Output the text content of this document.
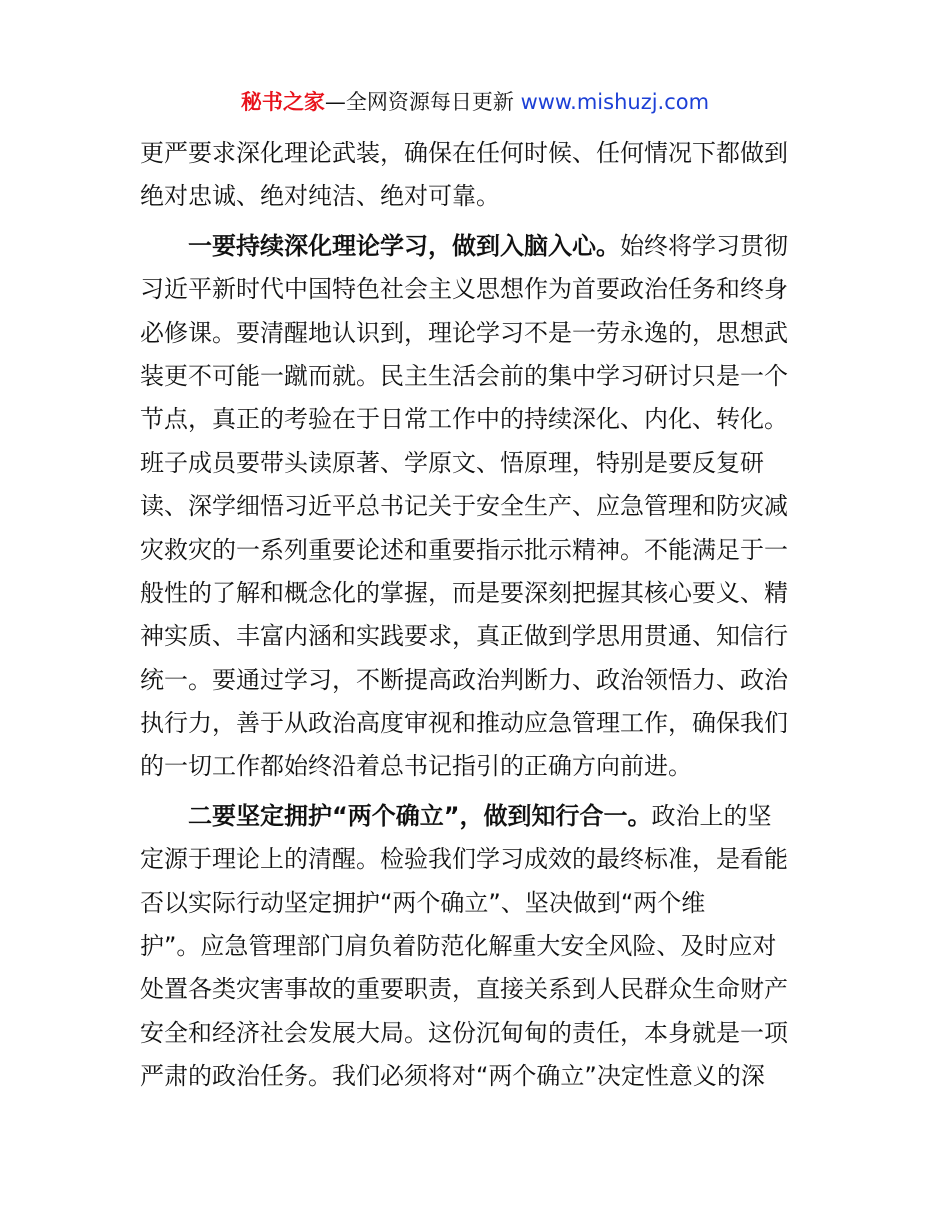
秘书之家—全网资源每日更新 www.mishuzj.com
更严要求深化理论武装，确保在任何时候、任何情况下都做到
绝对忠诚、绝对纯洁、绝对可靠。
一要持续深化理论学习，做到入脑入心。始终将学习贯彻
习近平新时代中国特色社会主义思想作为首要政治任务和终身
必修课。要清醒地认识到，理论学习不是一劳永逸的，思想武
装更不可能一蹴而就。民主生活会前的集中学习研讨只是一个
节点，真正的考验在于日常工作中的持续深化、内化、转化。
班子成员要带头读原著、学原文、悟原理，特别是要反复研
读、深学细悟习近平总书记关于安全生产、应急管理和防灾减
灾救灾的一系列重要论述和重要指示批示精神。不能满足于一
般性的了解和概念化的掌握，而是要深刻把握其核心要义、精
神实质、丰富内涵和实践要求，真正做到学思用贯通、知信行
统一。要通过学习，不断提高政治判断力、政治领悟力、政治
执行力，善于从政治高度审视和推动应急管理工作，确保我们
的一切工作都始终沿着总书记指引的正确方向前进。
二要坚定拥护“两个确立”，做到知行合一。政治上的坚
定源于理论上的清醒。检验我们学习成效的最终标准，是看能
否以实际行动坚定拥护“两个确立”、坚决做到“两个维
护”。应急管理部门肩负着防范化解重大安全风险、及时应对
处置各类灾害事故的重要职责，直接关系到人民群众生命财产
安全和经济社会发展大局。这份沉甸甸的责任，本身就是一项
严肃的政治任务。我们必须将对“两个确立”决定性意义的深
